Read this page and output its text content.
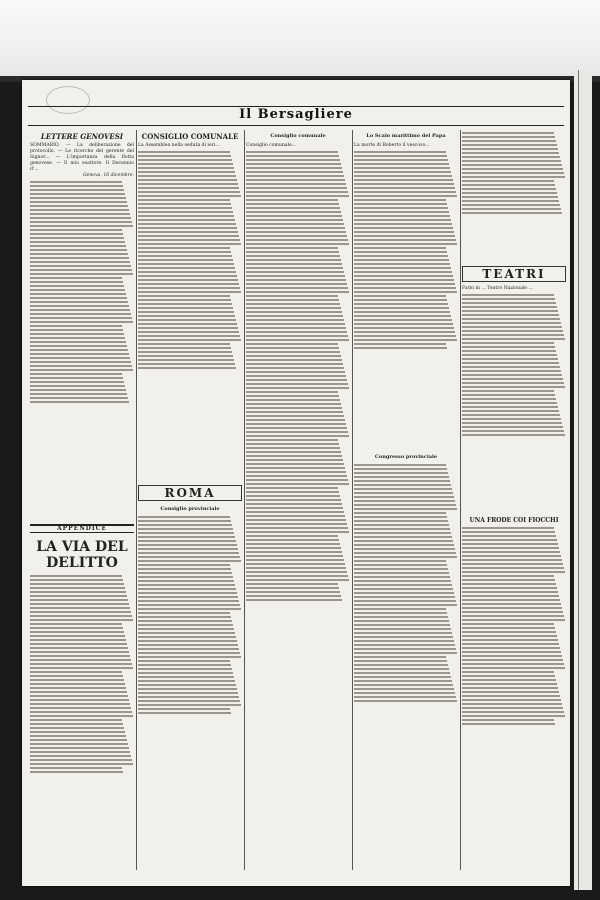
Il Bersagliere
LETTERE GENOVESI
SOMMARIO. — La deliberazione del protocollo. — Le ricerche del gerente del Signor... — L'importanza della flotta genovese. — Il mio esattore. Il Decennio d'...
Genova, 16 dicembre.
APPENDICE
LA VIA DEL DELITTO
CONSIGLIO COMUNALE
La Assemblea nella seduta di ieri...
ROMA
Consiglio provinciale
Consiglio comunale
Consiglio comunale...
Lo Scalo marittimo del Papa
La morte di Roberto il vescovo...
Congresso provinciale
TEATRI
Fatto in ... Teatro Nazionale ...
UNA FRODE COI FIOCCHI
